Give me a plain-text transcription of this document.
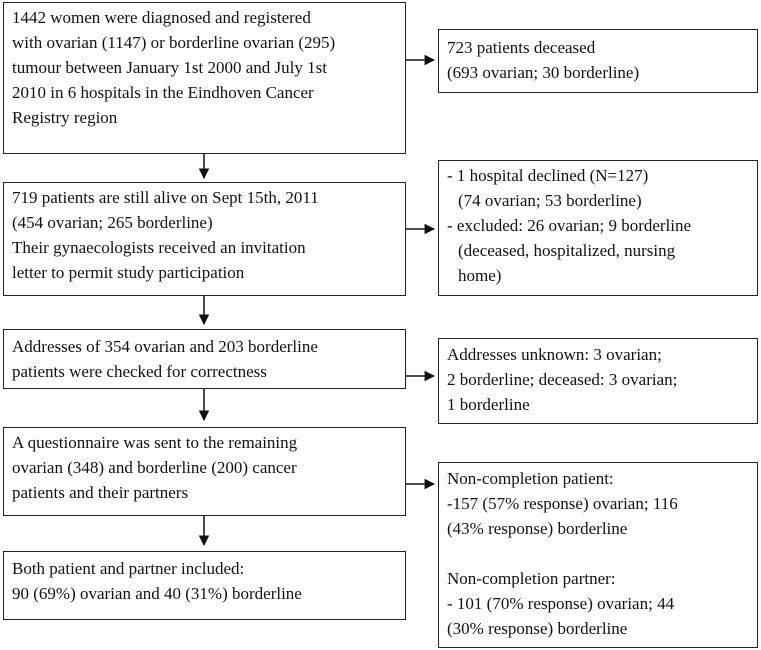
1442 women were diagnosed and registered
with ovarian (1147) or borderline ovarian (295)
tumour between January 1st 2000 and July 1st
2010 in 6 hospitals in the Eindhoven Cancer
Registry region
719 patients are still alive on Sept 15th, 2011
(454 ovarian; 265 borderline)
Their gynaecologists received an invitation
letter to permit study participation
Addresses of 354 ovarian and 203 borderline
patients were checked for correctness
A questionnaire was sent to the remaining
ovarian (348) and borderline (200) cancer
patients and their partners
Both patient and partner included:
90 (69%) ovarian and 40 (31%) borderline
723 patients deceased
(693 ovarian; 30 borderline)
- 1 hospital declined (N=127)
(74 ovarian; 53 borderline)
- excluded: 26 ovarian; 9 borderline
(deceased, hospitalized, nursing
home)
Addresses unknown: 3 ovarian;
2 borderline; deceased: 3 ovarian;
1 borderline
Non-completion patient:
-157 (57% response) ovarian; 116
(43% response) borderline
Non-completion partner:
- 101 (70% response) ovarian; 44
(30% response) borderline
